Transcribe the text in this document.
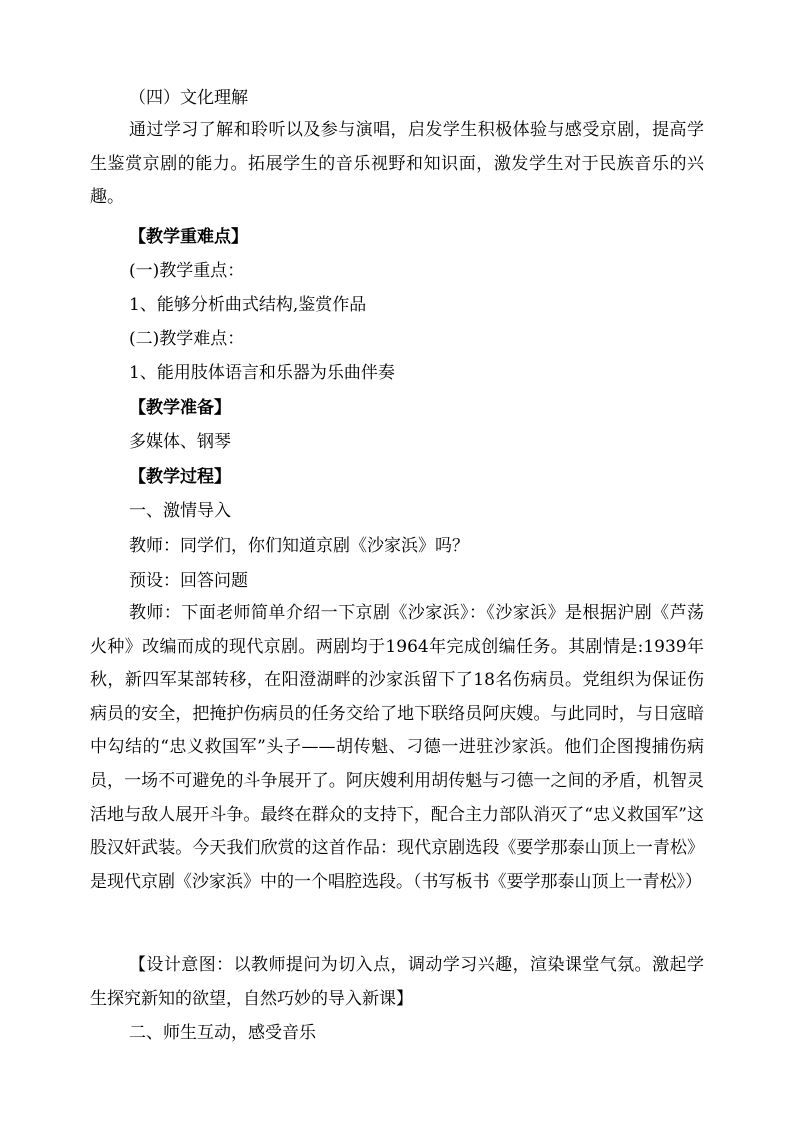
（四）文化理解
通过学习了解和聆听以及参与演唱，启发学生积极体验与感受京剧，提高学生鉴赏京剧的能力。拓展学生的音乐视野和知识面，激发学生对于民族音乐的兴趣。
【教学重难点】
(一)教学重点：
1、能够分析曲式结构,鉴赏作品
(二)教学难点：
1、能用肢体语言和乐器为乐曲伴奏
【教学准备】
多媒体、钢琴
【教学过程】
一、激情导入
教师：同学们，你们知道京剧《沙家浜》吗？
预设：回答问题
教师：下面老师简单介绍一下京剧《沙家浜》：《沙家浜》是根据沪剧《芦荡火种》改编而成的现代京剧。两剧均于1964年完成创编任务。其剧情是:1939年秋，新四军某部转移，在阳澄湖畔的沙家浜留下了18名伤病员。党组织为保证伤病员的安全，把掩护伤病员的任务交给了地下联络员阿庆嫂。与此同时，与日寇暗中勾结的“忠义救国军”头子——胡传魁、刁德一进驻沙家浜。他们企图搜捕伤病员，一场不可避免的斗争展开了。阿庆嫂利用胡传魁与刁德一之间的矛盾，机智灵活地与敌人展开斗争。最终在群众的支持下，配合主力部队消灭了“忠义救国军”这股汉奸武装。今天我们欣赏的这首作品：现代京剧选段《要学那泰山顶上一青松》是现代京剧《沙家浜》中的一个唱腔选段。（书写板书《要学那泰山顶上一青松》）
【设计意图：以教师提问为切入点，调动学习兴趣，渲染课堂气氛。激起学生探究新知的欲望，自然巧妙的导入新课】
二、师生互动，感受音乐
